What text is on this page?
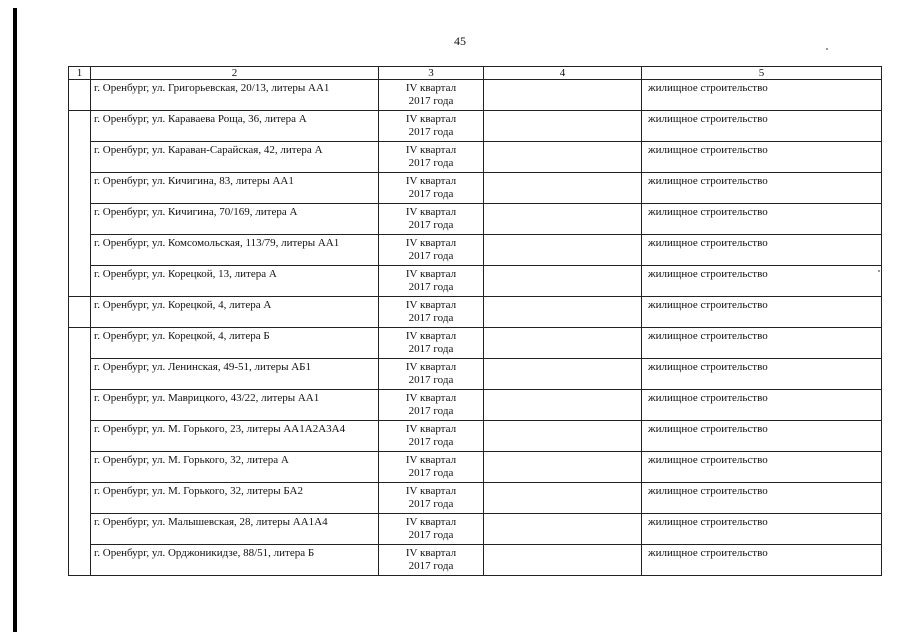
45
1	2	3	4	5
	г. Оренбург, ул. Григорьевская, 20/13, литеры АА1	IV квартал
2017 года		жилищное строительство
	г. Оренбург, ул. Караваева Роща, 36, литера А	IV квартал
2017 года		жилищное строительство
	г. Оренбург, ул. Караван-Сарайская, 42, литера А	IV квартал
2017 года		жилищное строительство
	г. Оренбург, ул. Кичигина, 83, литеры АА1	IV квартал
2017 года		жилищное строительство
	г. Оренбург, ул. Кичигина, 70/169, литера А	IV квартал
2017 года		жилищное строительство
	г. Оренбург, ул. Комсомольская, 113/79, литеры АА1	IV квартал
2017 года		жилищное строительство
	г. Оренбург, ул. Корецкой, 13, литера А	IV квартал
2017 года		жилищное строительство
	г. Оренбург, ул. Корецкой, 4, литера А	IV квартал
2017 года		жилищное строительство
	г. Оренбург, ул. Корецкой, 4, литера Б	IV квартал
2017 года		жилищное строительство
	г. Оренбург, ул. Ленинская, 49-51, литеры АБ1	IV квартал
2017 года		жилищное строительство
	г. Оренбург, ул. Маврицкого, 43/22, литеры АА1	IV квартал
2017 года		жилищное строительство
	г. Оренбург, ул. М. Горького, 23, литеры АА1А2А3А4	IV квартал
2017 года		жилищное строительство
	г. Оренбург, ул. М. Горького, 32, литера А	IV квартал
2017 года		жилищное строительство
	г. Оренбург, ул. М. Горького, 32, литеры БА2	IV квартал
2017 года		жилищное строительство
	г. Оренбург, ул. Малышевская, 28, литеры АА1А4	IV квартал
2017 года		жилищное строительство
	г. Оренбург, ул. Орджоникидзе, 88/51, литера Б	IV квартал
2017 года		жилищное строительство
